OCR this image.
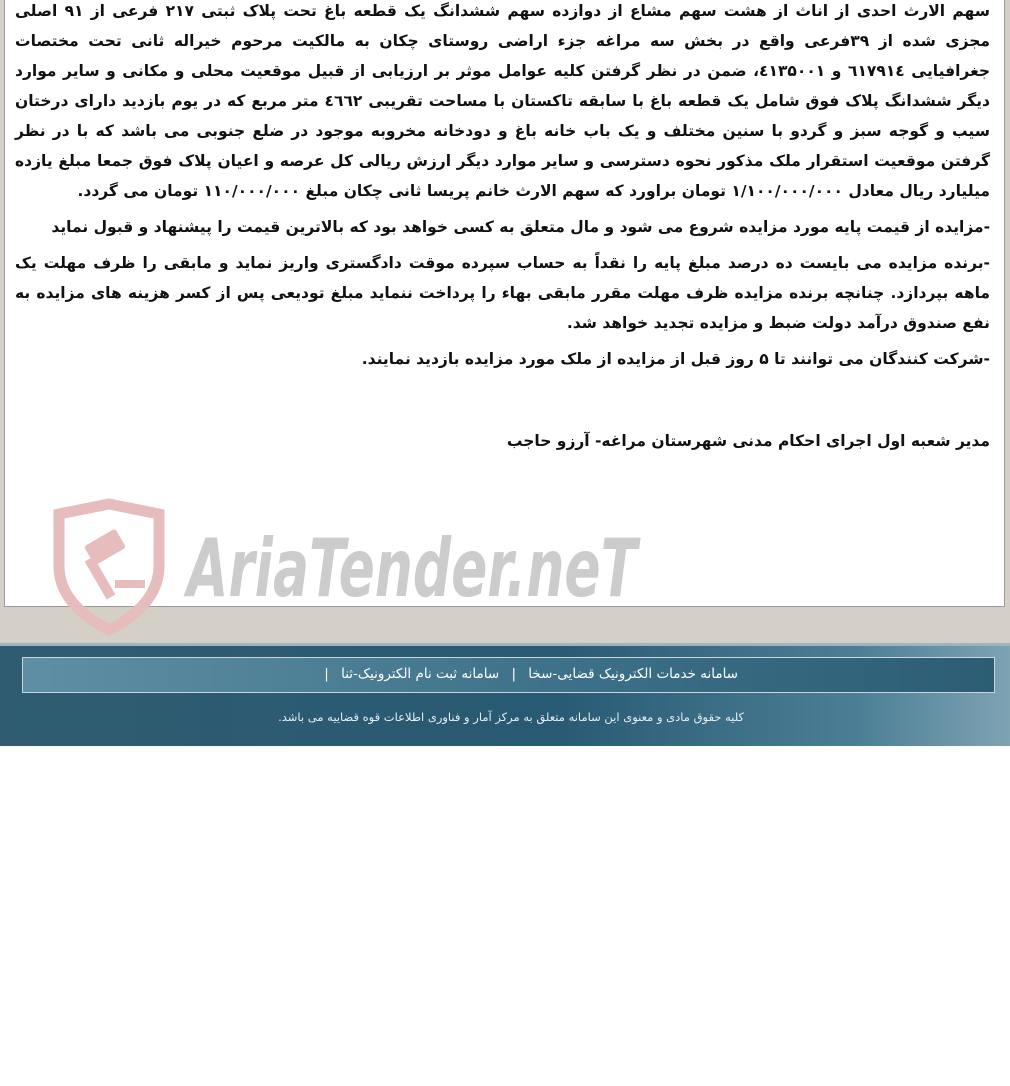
AriaTender.neT

سهم الارث احدی از اناث از هشت سهم مشاع از دوازده سهم ششدانگ یک قطعه باغ تحت پلاک ثبتی ۲۱۷ فرعی از ۹۱ اصلی مجزی شده از ۳۹فرعی واقع در بخش سه مراغه جزء اراضی روستای چکان به مالکیت مرحوم خیراله ثانی تحت مختصات جغرافیایی ٦۱۷۹۱٤ و ٤۱۳۵۰۰۱، ضمن در نظر گرفتن کلیه عوامل موثر بر ارزیابی از قبیل موقعیت محلی و مکانی و سایر موارد دیگر ششدانگ پلاک فوق شامل یک قطعه باغ با سابقه تاکستان با مساحت تقریبی ٤٦٦۲ متر مربع که در یوم بازدید دارای درختان سیب و گوجه سبز و گردو با سنین مختلف و یک باب خانه باغ و دودخانه مخروبه موجود در ضلع جنوبی می باشد که با در نظر گرفتن موقعیت استقرار ملک مذکور نحوه دسترسی و سایر موارد دیگر ارزش ریالی کل عرصه و اعیان پلاک فوق جمعا مبلغ یازده میلیارد ریال معادل ۱/۱۰۰/۰۰۰/۰۰۰ تومان براورد که سهم الارث خانم پریسا ثانی چکان مبلغ ۱۱۰/۰۰۰/۰۰۰ تومان می گردد.

-مزایده از قیمت پایه مورد مزایده شروع می شود و مال متعلق به کسی خواهد بود که بالاترین قیمت را پیشنهاد و قبول نماید

-برنده مزایده می بایست ده درصد مبلغ پایه را نقداً به حساب سپرده موقت دادگستری واریز نماید و مابقی را ظرف مهلت یک ماهه بپردازد. چنانچه برنده مزایده ظرف مهلت مقرر مابقی بهاء را پرداخت ننماید مبلغ تودیعی پس از کسر هزینه های مزایده به نفع صندوق درآمد دولت ضبط و مزایده تجدید خواهد شد.

-شرکت کنندگان می توانند تا ۵ روز قبل از مزایده از ملک مورد مزایده بازدید نمایند.

مدیر شعبه اول اجرای احکام مدنی شهرستان مراغه- آرزو حاجب

سامانه خدمات الکترونیک قضایی-سخا | سامانه ثبت نام الکترونیک-ثنا |
کلیه حقوق مادی و معنوی این سامانه متعلق به مرکز آمار و فناوری اطلاعات قوه قضاییه می باشد.
